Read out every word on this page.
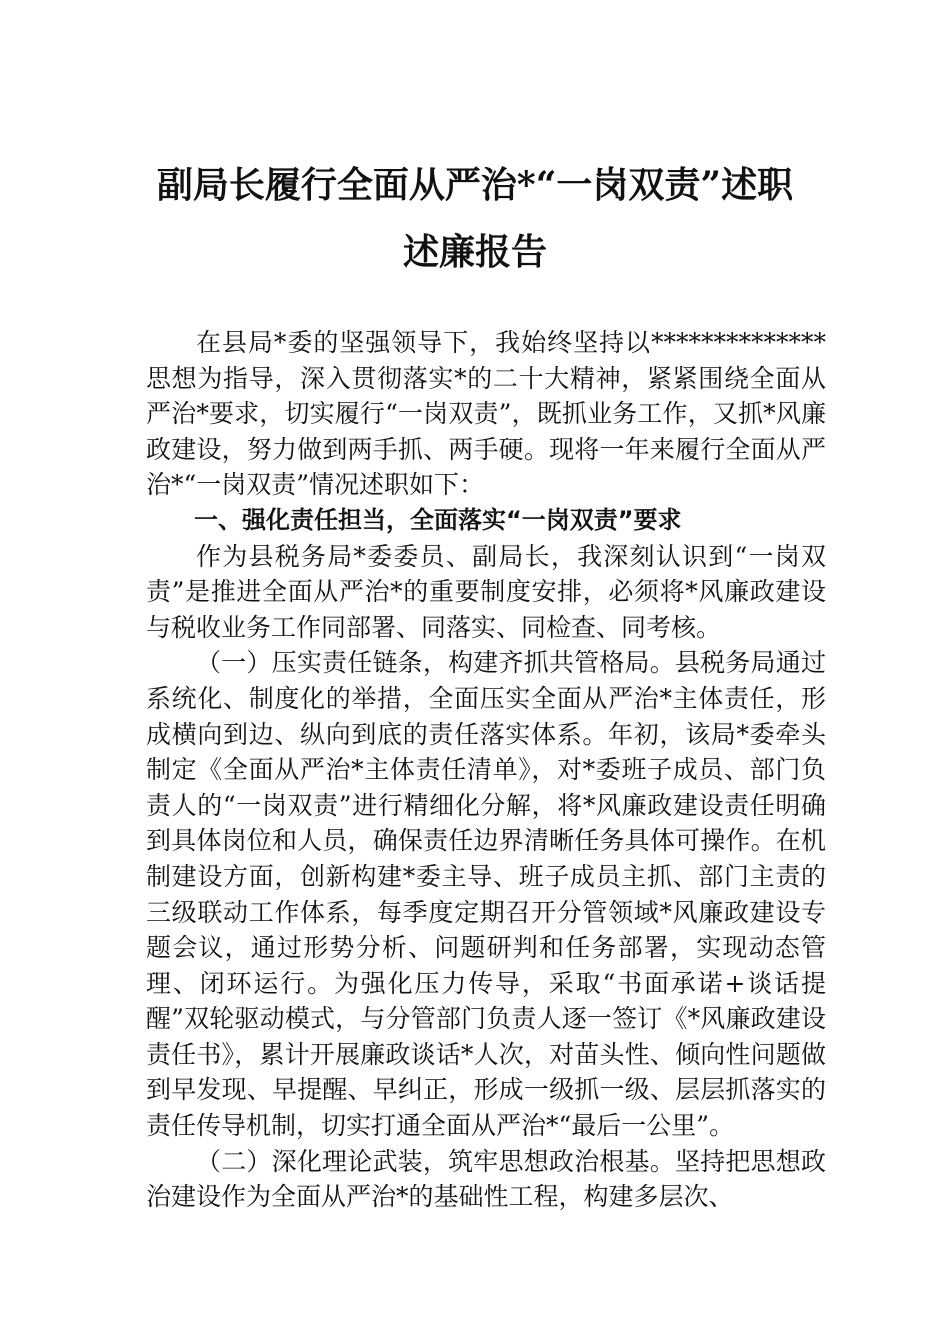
副局长履行全面从严治*“一岗双责”述职
述廉报告

在县局*委的坚强领导下，我始终坚持以**************思想为指导，深入贯彻落实*的二十大精神，紧紧围绕全面从严治*要求，切实履行“一岗双责”，既抓业务工作，又抓*风廉政建设，努力做到两手抓、两手硬。现将一年来履行全面从严治*“一岗双责”情况述职如下：

一、强化责任担当，全面落实“一岗双责”要求

作为县税务局*委委员、副局长，我深刻认识到“一岗双责”是推进全面从严治*的重要制度安排，必须将*风廉政建设与税收业务工作同部署、同落实、同检查、同考核。

（一）压实责任链条，构建齐抓共管格局。县税务局通过系统化、制度化的举措，全面压实全面从严治*主体责任，形成横向到边、纵向到底的责任落实体系。年初，该局*委牵头制定《全面从严治*主体责任清单》，对*委班子成员、部门负责人的“一岗双责”进行精细化分解，将*风廉政建设责任明确到具体岗位和人员，确保责任边界清晰任务具体可操作。在机制建设方面，创新构建*委主导、班子成员主抓、部门主责的三级联动工作体系，每季度定期召开分管领域*风廉政建设专题会议，通过形势分析、问题研判和任务部署，实现动态管理、闭环运行。为强化压力传导，采取“书面承诺+谈话提醒”双轮驱动模式，与分管部门负责人逐一签订《*风廉政建设责任书》，累计开展廉政谈话*人次，对苗头性、倾向性问题做到早发现、早提醒、早纠正，形成一级抓一级、层层抓落实的责任传导机制，切实打通全面从严治*“最后一公里”。

（二）深化理论武装，筑牢思想政治根基。坚持把思想政治建设作为全面从严治*的基础性工程，构建多层次、
